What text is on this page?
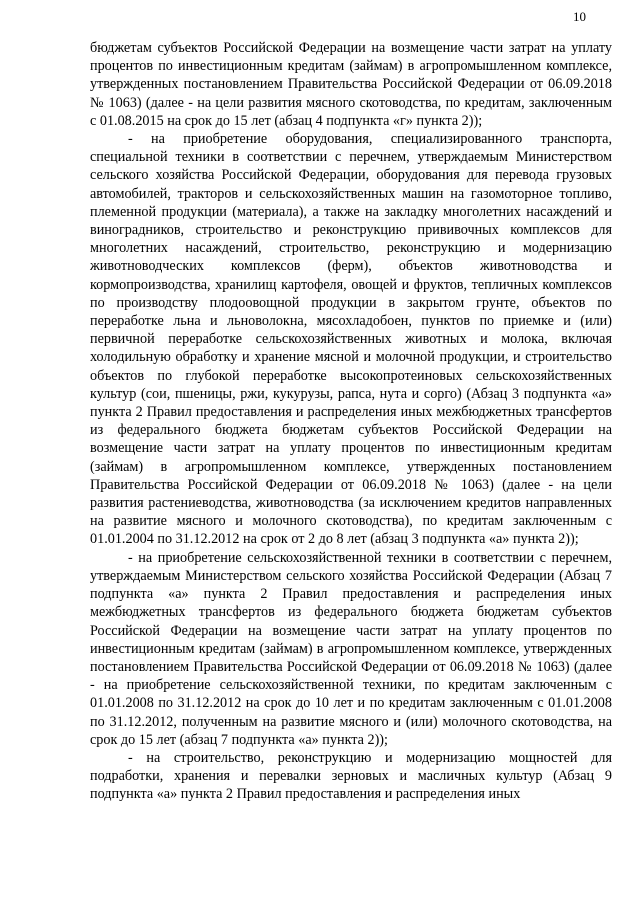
10

бюджетам субъектов Российской Федерации на возмещение части затрат на уплату процентов по инвестиционным кредитам (займам) в агропромышленном комплексе, утвержденных постановлением Правительства Российской Федерации от 06.09.2018 № 1063) (далее - на цели развития мясного скотоводства, по кредитам, заключенным с 01.08.2015 на срок до 15 лет (абзац 4 подпункта «г» пункта 2));

- на приобретение оборудования, специализированного транспорта, специальной техники в соответствии с перечнем, утверждаемым Министерством сельского хозяйства Российской Федерации, оборудования для перевода грузовых автомобилей, тракторов и сельскохозяйственных машин на газомоторное топливо, племенной продукции (материала), а также на закладку многолетних насаждений и виноградников, строительство и реконструкцию прививочных комплексов для многолетних насаждений, строительство, реконструкцию и модернизацию животноводческих комплексов (ферм), объектов животноводства и кормопроизводства, хранилищ картофеля, овощей и фруктов, тепличных комплексов по производству плодоовощной продукции в закрытом грунте, объектов по переработке льна и льноволокна, мясохладобоен, пунктов по приемке и (или) первичной переработке сельскохозяйственных животных и молока, включая холодильную обработку и хранение мясной и молочной продукции, и строительство объектов по глубокой переработке высокопротеиновых сельскохозяйственных культур (сои, пшеницы, ржи, кукурузы, рапса, нута и сорго) (Абзац 3 подпункта «а» пункта 2 Правил предоставления и распределения иных межбюджетных трансфертов из федерального бюджета бюджетам субъектов Российской Федерации на возмещение части затрат на уплату процентов по инвестиционным кредитам (займам) в агропромышленном комплексе, утвержденных постановлением Правительства Российской Федерации от 06.09.2018 № 1063) (далее - на цели развития растениеводства, животноводства (за исключением кредитов направленных на развитие мясного и молочного скотоводства), по кредитам заключенным с 01.01.2004 по 31.12.2012 на срок от 2 до 8 лет (абзац 3 подпункта «а» пункта 2));

- на приобретение сельскохозяйственной техники в соответствии с перечнем, утверждаемым Министерством сельского хозяйства Российской Федерации (Абзац 7 подпункта «а» пункта 2 Правил предоставления и распределения иных межбюджетных трансфертов из федерального бюджета бюджетам субъектов Российской Федерации на возмещение части затрат на уплату процентов по инвестиционным кредитам (займам) в агропромышленном комплексе, утвержденных постановлением Правительства Российской Федерации от 06.09.2018 № 1063) (далее - на приобретение сельскохозяйственной техники, по кредитам заключенным с 01.01.2008 по 31.12.2012 на срок до 10 лет и по кредитам заключенным с 01.01.2008 по 31.12.2012, полученным на развитие мясного и (или) молочного скотоводства, на срок до 15 лет (абзац 7 подпункта «а» пункта 2));

- на строительство, реконструкцию и модернизацию мощностей для подработки, хранения и перевалки зерновых и масличных культур (Абзац 9 подпункта «а» пункта 2 Правил предоставления и распределения иных
